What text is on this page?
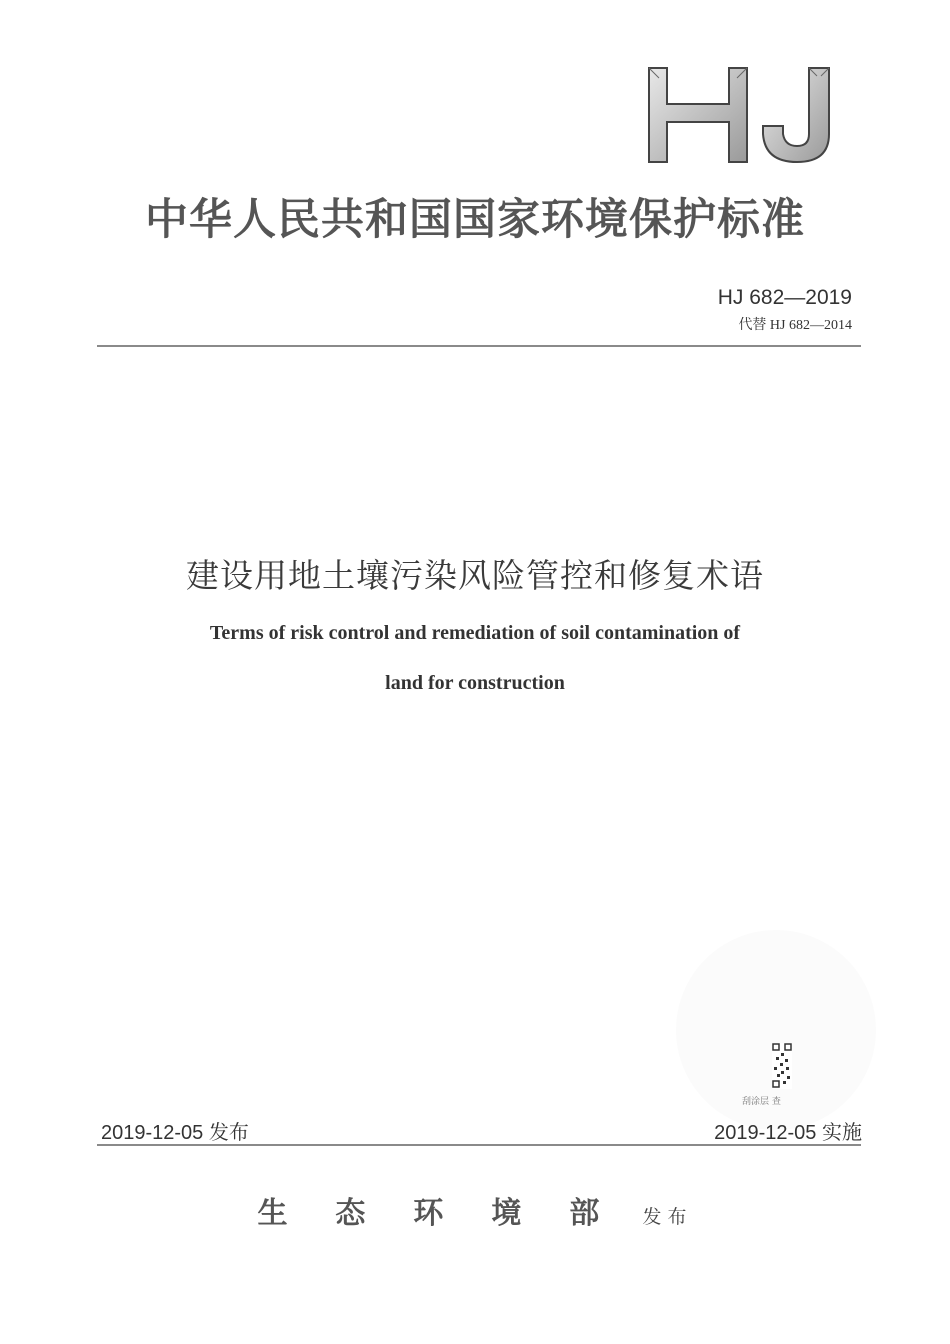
中华人民共和国国家环境保护标准
HJ 682—2019
代替 HJ 682—2014
建设用地土壤污染风险管控和修复术语
Terms of risk control and remediation of soil contamination of
land for construction
刮涂层 查
2019-12-05 发布	2019-12-05 实施
生态环境部 发布
